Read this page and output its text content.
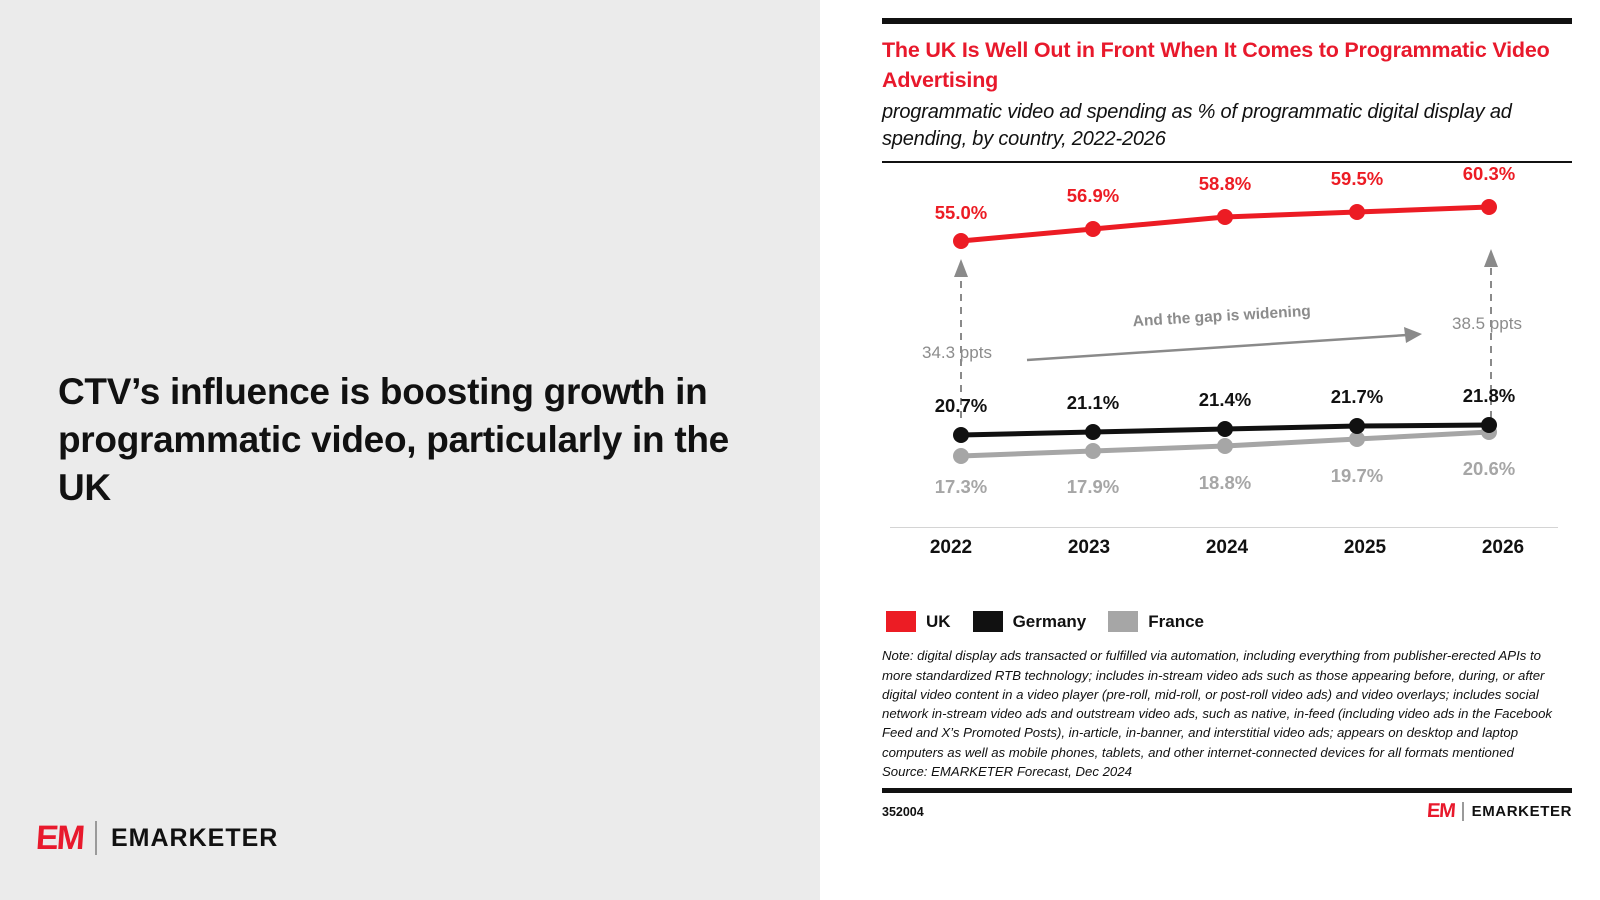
CTV’s influence is boosting growth in programmatic video, particularly in the UK
EM EMARKETER
The UK Is Well Out in Front When It Comes to Programmatic Video Advertising
programmatic video ad spending as % of programmatic digital display ad spending, by country, 2022-2026
34.3 ppts
38.5 ppts
And the gap is widening
17.3%	17.9%	18.8%	19.7%	20.6%
20.7%	21.1%	21.4%	21.7%	21.8%
55.0%
56.9%
58.8%	59.5%	60.3%
2022	2023	2024	2025	2026
UK	Germany	France
Note: digital display ads transacted or fulfilled via automation, including everything from publisher-erected APIs to more standardized RTB technology; includes in-stream video ads such as those appearing before, during, or after digital video content in a video player (pre-roll, mid-roll, or post-roll video ads) and video overlays; includes social network in-stream video ads and outstream video ads, such as native, in-feed (including video ads in the Facebook Feed and X’s Promoted Posts), in-article, in-banner, and interstitial video ads; appears on desktop and laptop computers as well as mobile phones, tablets, and other internet-connected devices for all formats mentioned
Source: EMARKETER Forecast, Dec 2024
352004	EM EMARKETER
